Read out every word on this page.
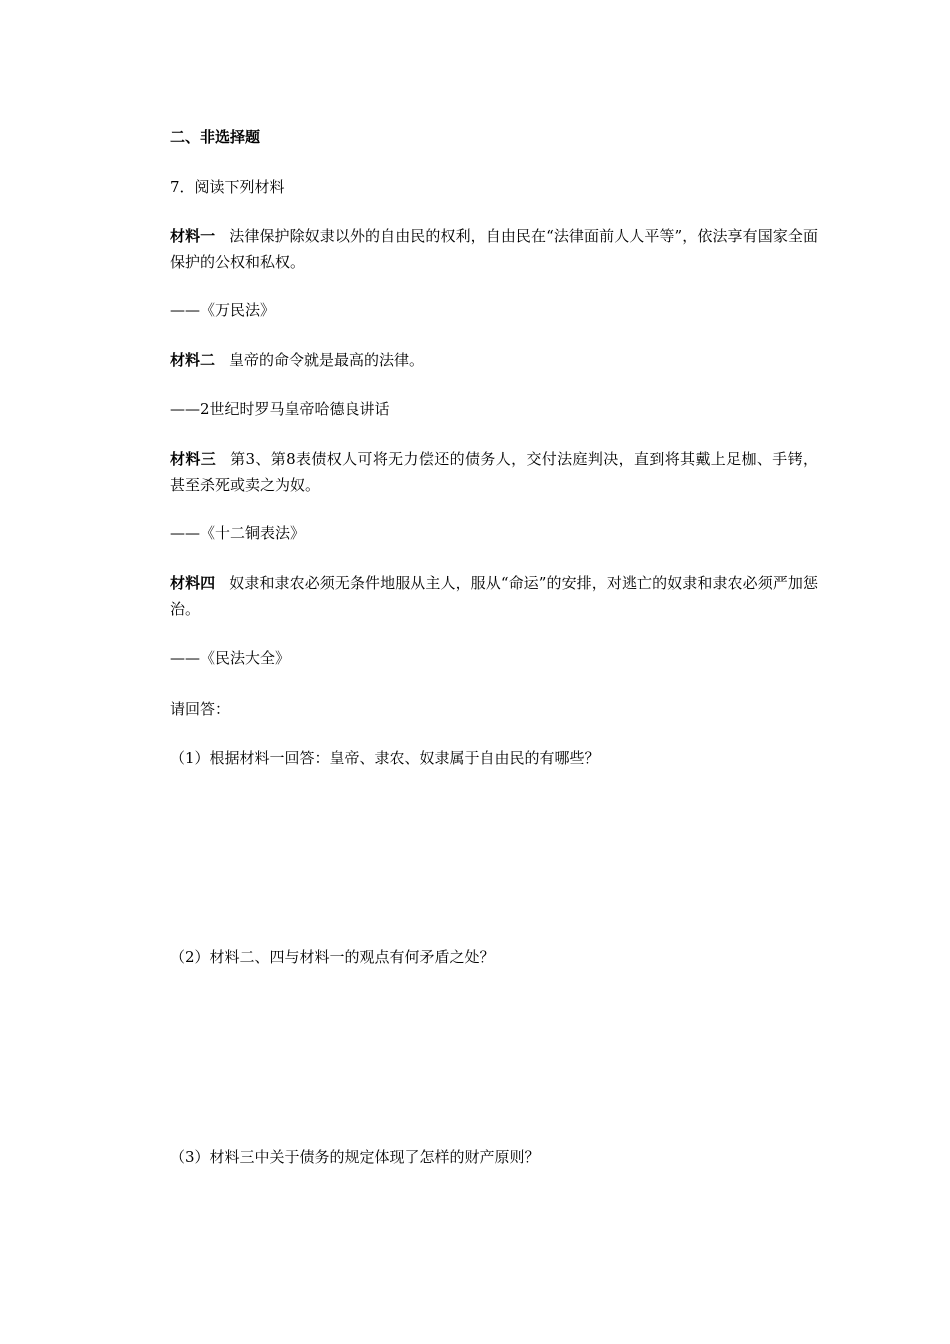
二、非选择题
7．阅读下列材料
材料一 法律保护除奴隶以外的自由民的权利，自由民在“法律面前人人平等”，依法享有国家全面保护的公权和私权。
——《万民法》
材料二 皇帝的命令就是最高的法律。
——2世纪时罗马皇帝哈德良讲话
材料三 第3、第8表债权人可将无力偿还的债务人，交付法庭判决，直到将其戴上足枷、手铐，甚至杀死或卖之为奴。
——《十二铜表法》
材料四 奴隶和隶农必须无条件地服从主人，服从“命运”的安排，对逃亡的奴隶和隶农必须严加惩治。
——《民法大全》
请回答：
（1）根据材料一回答：皇帝、隶农、奴隶属于自由民的有哪些？
（2）材料二、四与材料一的观点有何矛盾之处？
（3）材料三中关于债务的规定体现了怎样的财产原则？
